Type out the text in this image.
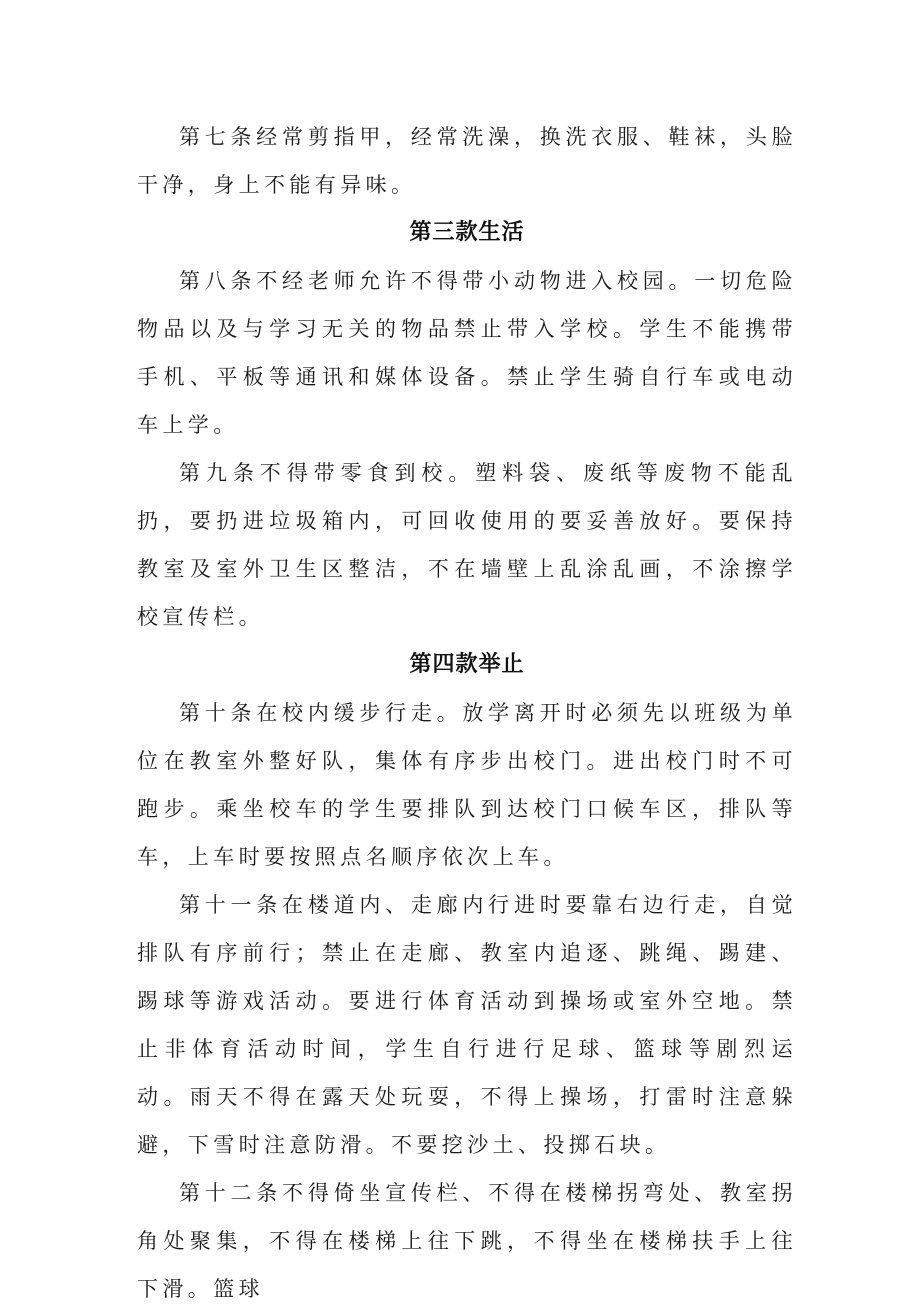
第七条经常剪指甲，经常洗澡，换洗衣服、鞋袜，头脸干净，身上不能有异味。

第三款生活

第八条不经老师允许不得带小动物进入校园。一切危险物品以及与学习无关的物品禁止带入学校。学生不能携带手机、平板等通讯和媒体设备。禁止学生骑自行车或电动车上学。

第九条不得带零食到校。塑料袋、废纸等废物不能乱扔，要扔进垃圾箱内，可回收使用的要妥善放好。要保持教室及室外卫生区整洁，不在墙壁上乱涂乱画，不涂擦学校宣传栏。

第四款举止

第十条在校内缓步行走。放学离开时必须先以班级为单位在教室外整好队，集体有序步出校门。进出校门时不可跑步。乘坐校车的学生要排队到达校门口候车区，排队等车，上车时要按照点名顺序依次上车。

第十一条在楼道内、走廊内行进时要靠右边行走，自觉排队有序前行；禁止在走廊、教室内追逐、跳绳、踢建、踢球等游戏活动。要进行体育活动到操场或室外空地。禁止非体育活动时间，学生自行进行足球、篮球等剧烈运动。雨天不得在露天处玩耍，不得上操场，打雷时注意躲避，下雪时注意防滑。不要挖沙土、投掷石块。

第十二条不得倚坐宣传栏、不得在楼梯拐弯处、教室拐角处聚集，不得在楼梯上往下跳，不得坐在楼梯扶手上往下滑。篮球
